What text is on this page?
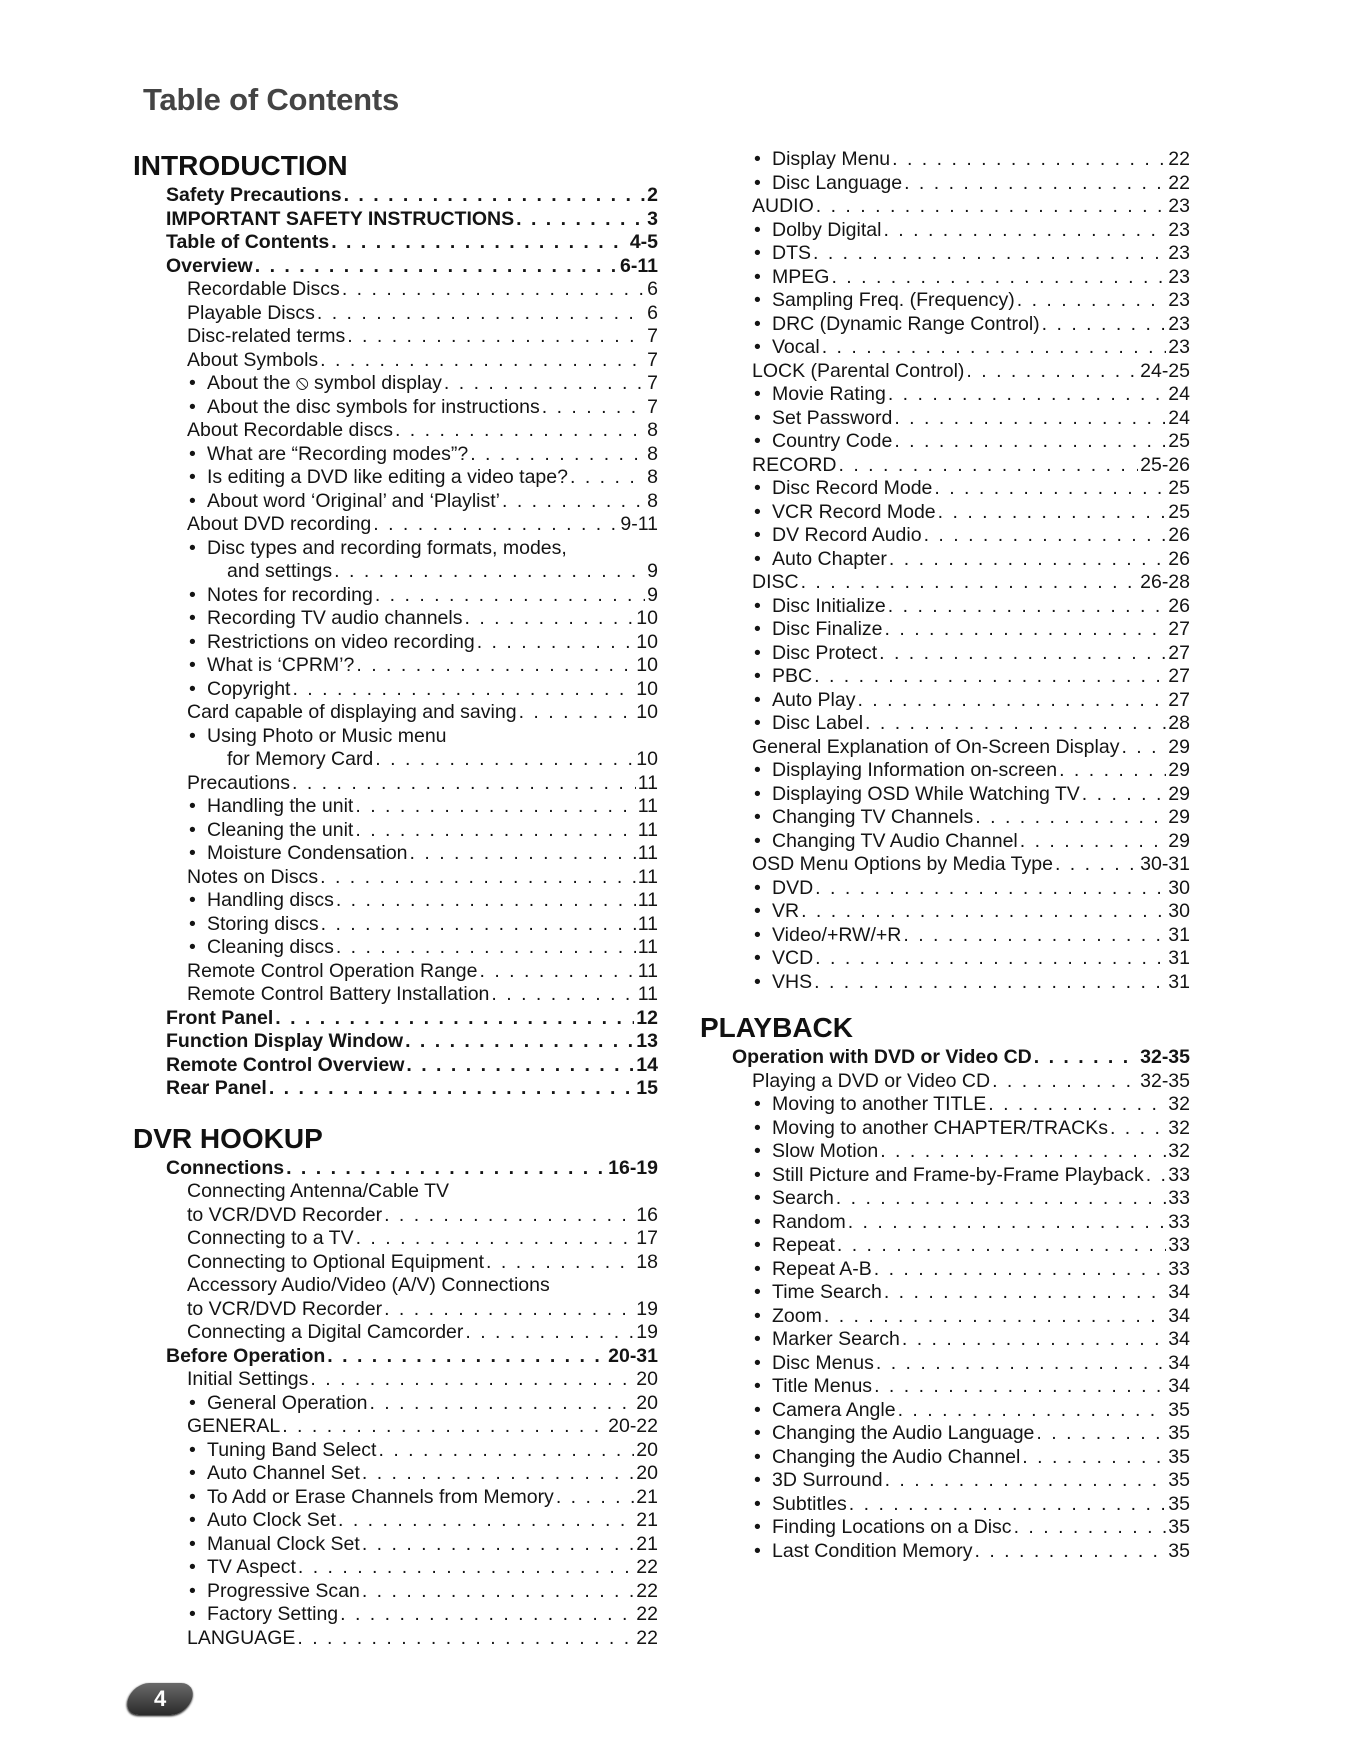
Table of Contents
INTRODUCTION
Safety Precautions . . .	2
IMPORTANT SAFETY INSTRUCTIONS . . .	3
Table of Contents . . .	4-5
Overview . . .	6-11
Recordable Discs . . .	6
Playable Discs . . .	6
Disc-related terms . . .	7
About Symbols . . .	7
• About the ⦸ symbol display . . .	7
• About the disc symbols for instructions . . .	7
About Recordable discs . . .	8
• What are “Recording modes”? . . .	8
• Is editing a DVD like editing a video tape? . . .	8
• About word ‘Original’ and ‘Playlist’ . . .	8
About DVD recording . . .	9-11
• Disc types and recording formats, modes,
and settings . . .	9
• Notes for recording . . .	9
• Recording TV audio channels . . .	10
• Restrictions on video recording . . .	10
• What is ‘CPRM’? . . .	10
• Copyright . . .	10
Card capable of displaying and saving . . .	10
• Using Photo or Music menu
for Memory Card . . .	10
Precautions . . .	11
• Handling the unit . . .	11
• Cleaning the unit . . .	11
• Moisture Condensation . . .	11
Notes on Discs . . .	11
• Handling discs . . .	11
• Storing discs . . .	11
• Cleaning discs . . .	11
Remote Control Operation Range . . .	11
Remote Control Battery Installation . . .	11
Front Panel . . .	12
Function Display Window . . .	13
Remote Control Overview . . .	14
Rear Panel . . .	15
DVR HOOKUP
Connections . . .	16-19
Connecting Antenna/Cable TV
to VCR/DVD Recorder . . .	16
Connecting to a TV . . .	17
Connecting to Optional Equipment . . .	18
Accessory Audio/Video (A/V) Connections
to VCR/DVD Recorder . . .	19
Connecting a Digital Camcorder . . .	19
Before Operation . . .	20-31
Initial Settings . . .	20
• General Operation . . .	20
GENERAL . . .	20-22
• Tuning Band Select . . .	20
• Auto Channel Set . . .	20
• To Add or Erase Channels from Memory . . .	21
• Auto Clock Set . . .	21
• Manual Clock Set . . .	21
• TV Aspect . . .	22
• Progressive Scan . . .	22
• Factory Setting . . .	22
LANGUAGE . . .	22
• Display Menu . . .	22
• Disc Language . . .	22
AUDIO . . .	23
• Dolby Digital . . .	23
• DTS . . .	23
• MPEG . . .	23
• Sampling Freq. (Frequency) . . .	23
• DRC (Dynamic Range Control) . . .	23
• Vocal . . .	23
LOCK (Parental Control) . . .	24-25
• Movie Rating . . .	24
• Set Password . . .	24
• Country Code . . .	25
RECORD . . .	25-26
• Disc Record Mode . . .	25
• VCR Record Mode . . .	25
• DV Record Audio . . .	26
• Auto Chapter . . .	26
DISC . . .	26-28
• Disc Initialize . . .	26
• Disc Finalize . . .	27
• Disc Protect . . .	27
• PBC . . .	27
• Auto Play . . .	27
• Disc Label . . .	28
General Explanation of On-Screen Display . . .	29
• Displaying Information on-screen . . .	29
• Displaying OSD While Watching TV . . .	29
• Changing TV Channels . . .	29
• Changing TV Audio Channel . . .	29
OSD Menu Options by Media Type . . .	30-31
• DVD . . .	30
• VR . . .	30
• Video/+RW/+R . . .	31
• VCD . . .	31
• VHS . . .	31
PLAYBACK
Operation with DVD or Video CD . . .	32-35
Playing a DVD or Video CD . . .	32-35
• Moving to another TITLE . . .	32
• Moving to another CHAPTER/TRACKs . . .	32
• Slow Motion . . .	32
• Still Picture and Frame-by-Frame Playback . . . 33
• Search . . .	33
• Random . . .	33
• Repeat . . .	33
• Repeat A-B . . .	33
• Time Search . . .	34
• Zoom . . .	34
• Marker Search . . .	34
• Disc Menus . . .	34
• Title Menus . . .	34
• Camera Angle . . .	35
• Changing the Audio Language . . .	35
• Changing the Audio Channel . . .	35
• 3D Surround . . .	35
• Subtitles . . .	35
• Finding Locations on a Disc . . .	35
• Last Condition Memory . . .	35
4
